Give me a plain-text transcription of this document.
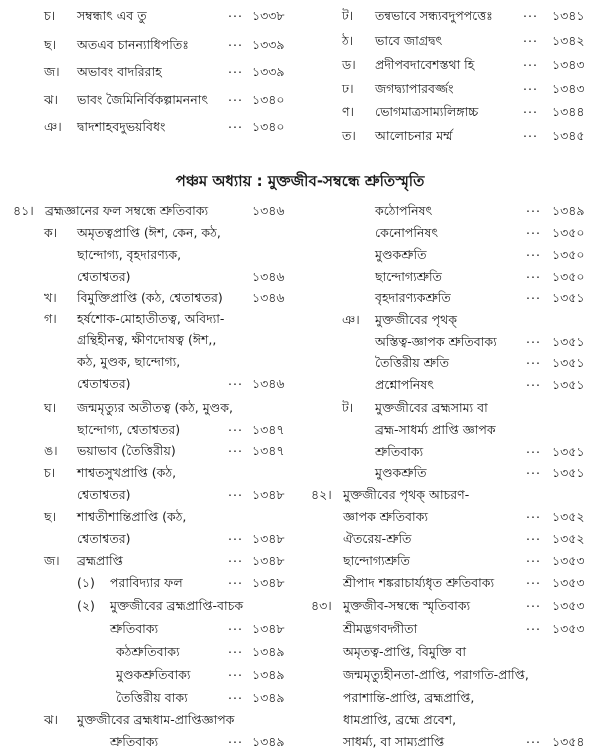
পঞ্চম অধ্যায় : মুক্তজীব-সম্বন্ধে শ্রুতিস্মৃতি
চ। সম্বন্ধাৎ এব তু	... ১৩৩৮
ছ। অতএব চানন্যাধিপতিঃ	... ১৩৩৯
জ। অভাবং বাদরিরাহ	... ১৩৩৯
ঝ। ভাবং জৈমিনির্বিকল্পামননাৎ ... ১৩৪০
ঞ। দ্বাদশাহবদুভয়বিধং	... ১৩৪০
ট। তন্বভাবে সন্ধ্যবদুপপত্তেঃ ... ১৩৪১
ঠ। ভাবে জাগ্রদ্বৎ	... ১৩৪২
ড। প্রদীপবদাবেশস্তথা হি	... ১৩৪৩
ঢ। জগদ্ব্যাপারবর্জ্জং	... ১৩৪৩
ণ। ভোগমাত্রসাম্যলিঙ্গাচ্চ	... ১৩৪৪
ত। আলোচনার মর্ম্ম	... ১৩৪৫
৪১। ব্রহ্মজ্ঞানের ফল সম্বন্ধে শ্রুতিবাক্য	১৩৪৬
ক। অমৃতত্বপ্রাপ্তি (ঈশ, কেন, কঠ,
ছান্দোগ্য, বৃহদারণ্যক,
শ্বেতাশ্বতর)	১৩৪৬
খ। বিমুক্তিপ্রাপ্তি (কঠ, শ্বেতাশ্বতর) ১৩৪৬
গ। হর্ষশোক-মোহাতীতত্ব, অবিদ্যা-
গ্রন্থিহীনত্ব, ক্ষীণদোষত্ব (ঈশ,,
কঠ, মুণ্ডক, ছান্দোগ্য,
শ্বেতাশ্বতর)	... ১৩৪৬
ঘ। জন্মমৃত্যুর অতীতত্ব (কঠ, মুণ্ডক,
ছান্দোগ্য, শ্বেতাশ্বতর)	... ১৩৪৭
ঙ। ভয়াভাব (তৈত্তিরীয়)	... ১৩৪৭
চ। শাশ্বতসুখপ্রাপ্তি (কঠ,
শ্বেতাশ্বতর)	... ১৩৪৮
ছ। শাশ্বতীশান্তিপ্রাপ্তি (কঠ,
শ্বেতাশ্বতর)	... ১৩৪৮
জ। ব্রহ্মপ্রাপ্তি	... ১৩৪৮
(১) পরাবিদ্যার ফল	... ১৩৪৮
(২) মুক্তজীবের ব্রহ্মপ্রাপ্তি-বাচক
শ্রুতিবাক্য	... ১৩৪৮
কঠশ্রুতিবাক্য	... ১৩৪৯
মুণ্ডকশ্রুতিবাক্য	... ১৩৪৯
তৈত্তিরীয় বাক্য	... ১৩৪৯
ঝ। মুক্তজীবের ব্রহ্মধাম-প্রাপ্তিজ্ঞাপক
শ্রুতিবাক্য	... ১৩৪৯
কঠোপনিষৎ	... ১৩৪৯
কেনোপনিষৎ	... ১৩৫০
মুণ্ডকশ্রুতি	... ১৩৫০
ছান্দোগ্যশ্রুতি	... ১৩৫০
বৃহদারণ্যকশ্রুতি	... ১৩৫১
ঞ। মুক্তজীবের পৃথক্
অস্তিত্ব-জ্ঞাপক শ্রুতিবাক্য ... ১৩৫১
তৈত্তিরীয় শ্রুতি	... ১৩৫১
প্রশ্নোপনিষৎ	... ১৩৫১
ট। মুক্তজীবের ব্রহ্মসাম্য বা
ব্রহ্ম-সাধর্ম্য প্রাপ্তি জ্ঞাপক
শ্রুতিবাক্য	... ১৩৫১
মুণ্ডকশ্রুতি	... ১৩৫১
৪২। মুক্তজীবের পৃথক্ আচরণ-
জ্ঞাপক শ্রুতিবাক্য	... ১৩৫২
ঐতরেয়-শ্রুতি	... ১৩৫২
ছান্দোগ্যশ্রুতি	... ১৩৫৩
শ্রীপাদ শঙ্করাচার্য্যধৃত শ্রুতিবাক্য	... ১৩৫৩
৪৩। মুক্তজীব-সম্বন্ধে স্মৃতিবাক্য	... ১৩৫৩
শ্রীমদ্ভগবদ্গীতা	... ১৩৫৩
অমৃতত্ব-প্রাপ্তি, বিমুক্তি বা
জন্মমৃত্যুহীনতা-প্রাপ্তি, পরাগতি-প্রাপ্তি,
পরাশান্তি-প্রাপ্তি, ব্রহ্মপ্রাপ্তি,
ধামপ্রাপ্তি, ব্রহ্মে প্রবেশ,
সাধর্ম্য, বা সাম্যপ্রাপ্তি	... ১৩৫৪
